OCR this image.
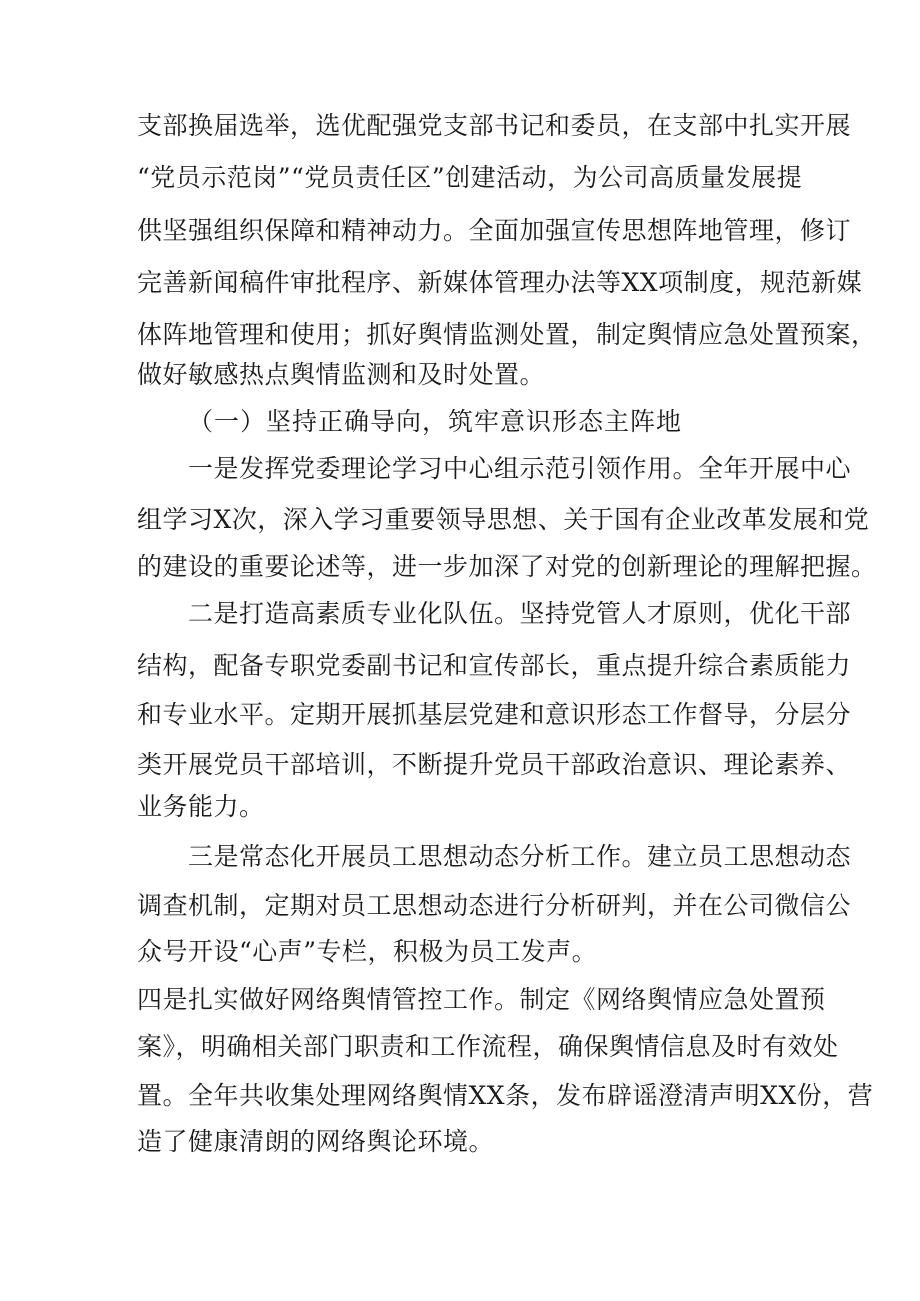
支部换届选举，选优配强党支部书记和委员，在支部中扎实开展
“党员示范岗”“党员责任区”创建活动，为公司高质量发展提
供坚强组织保障和精神动力。全面加强宣传思想阵地管理，修订
完善新闻稿件审批程序、新媒体管理办法等XX项制度，规范新媒
体阵地管理和使用；抓好舆情监测处置，制定舆情应急处置预案，
做好敏感热点舆情监测和及时处置。
（一）坚持正确导向，筑牢意识形态主阵地
一是发挥党委理论学习中心组示范引领作用。全年开展中心
组学习X次，深入学习重要领导思想、关于国有企业改革发展和党
的建设的重要论述等，进一步加深了对党的创新理论的理解把握。
二是打造高素质专业化队伍。坚持党管人才原则，优化干部
结构，配备专职党委副书记和宣传部长，重点提升综合素质能力
和专业水平。定期开展抓基层党建和意识形态工作督导，分层分
类开展党员干部培训，不断提升党员干部政治意识、理论素养、
业务能力。
三是常态化开展员工思想动态分析工作。建立员工思想动态
调查机制，定期对员工思想动态进行分析研判，并在公司微信公
众号开设“心声”专栏，积极为员工发声。
四是扎实做好网络舆情管控工作。制定《网络舆情应急处置预
案》，明确相关部门职责和工作流程，确保舆情信息及时有效处
置。全年共收集处理网络舆情XX条，发布辟谣澄清声明XX份，营
造了健康清朗的网络舆论环境。
